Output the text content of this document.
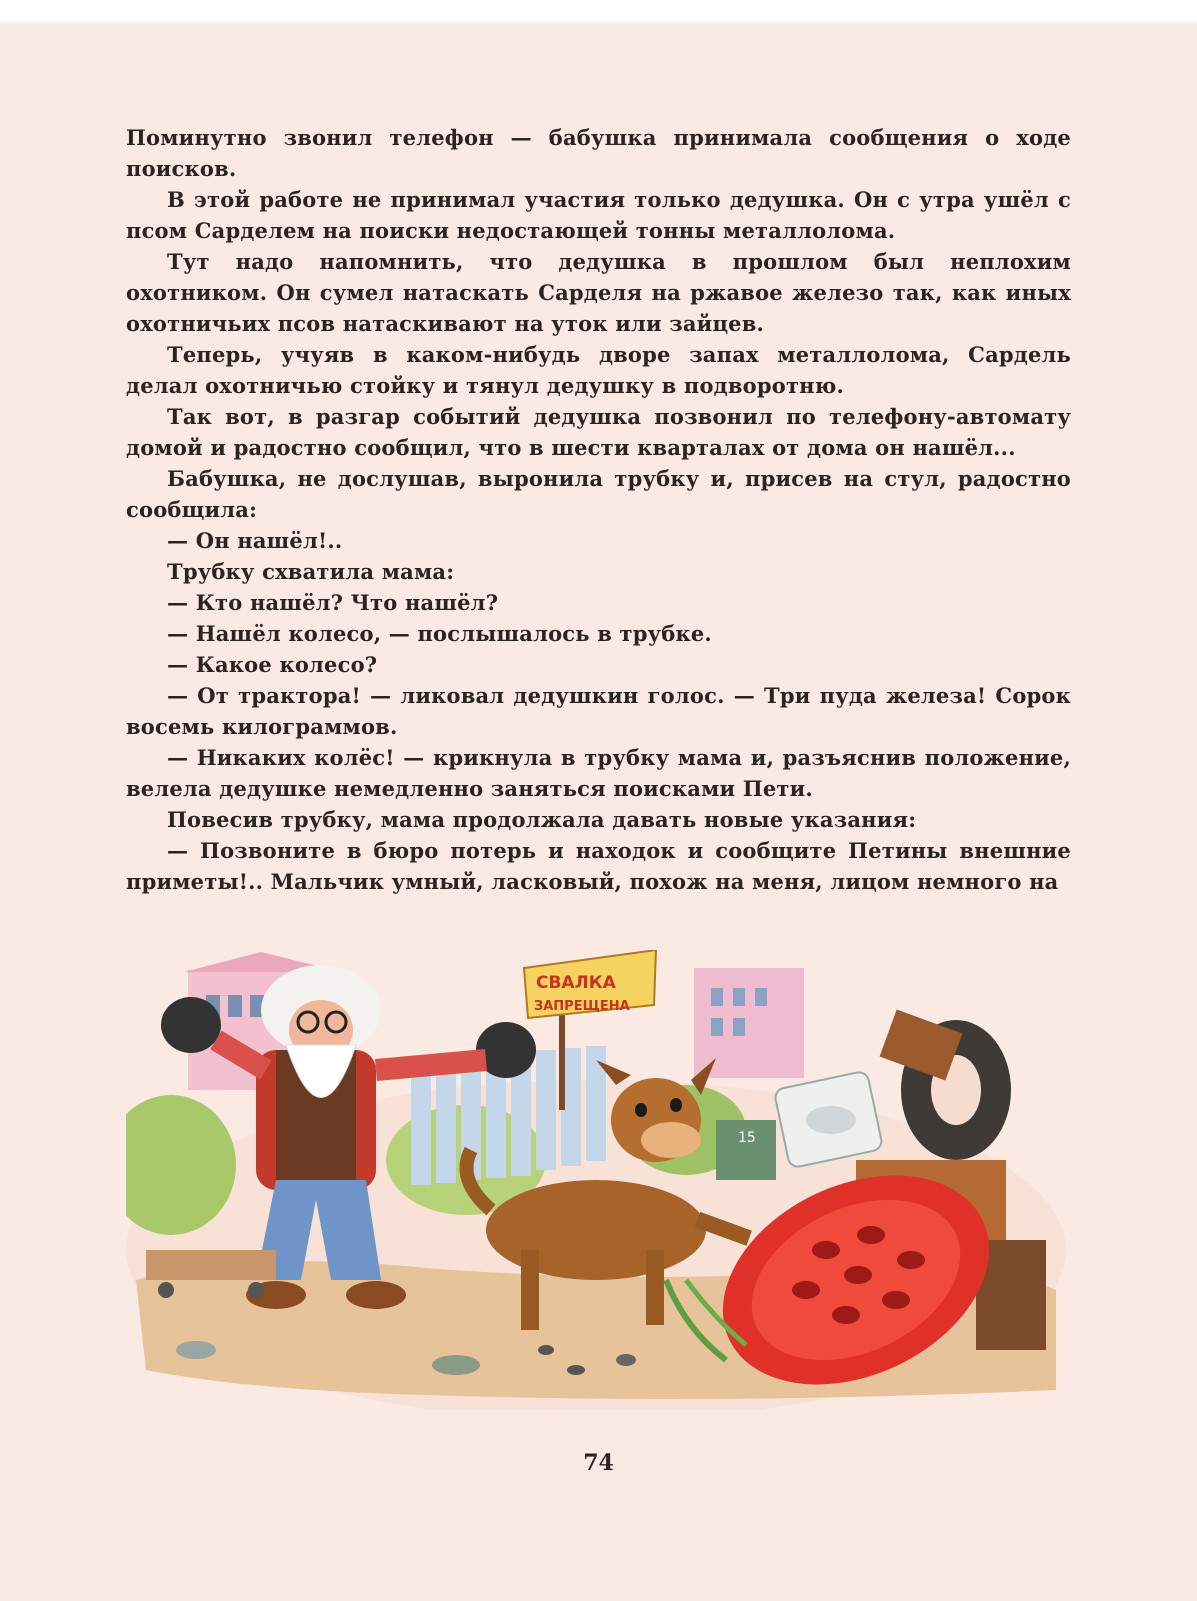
Поминутно звонил телефон — бабушка принимала сообщения о ходе поисков.

В этой работе не принимал участия только дедушка. Он с утра ушёл с псом Сарделем на поиски недостающей тонны металлолома.

Тут надо напомнить, что дедушка в прошлом был неплохим охотником. Он сумел натаскать Сарделя на ржавое железо так, как иных охотничьих псов натаскивают на уток или зайцев.

Теперь, учуяв в каком-нибудь дворе запах металлолома, Сардель делал охотничью стойку и тянул дедушку в подворотню.

Так вот, в разгар событий дедушка позвонил по телефону-автомату домой и радостно сообщил, что в шести кварталах от дома он нашёл...

Бабушка, не дослушав, выронила трубку и, присев на стул, радостно сообщила:

— Он нашёл!..

Трубку схватила мама:

— Кто нашёл? Что нашёл?

— Нашёл колесо, — послышалось в трубке.

— Какое колесо?

— От трактора! — ликовал дедушкин голос. — Три пуда железа! Сорок восемь килограммов.

— Никаких колёс! — крикнула в трубку мама и, разъяснив положение, велела дедушке немедленно заняться поисками Пети.

Повесив трубку, мама продолжала давать новые указания:

— Позвоните в бюро потерь и находок и сообщите Петины внешние приметы!.. Мальчик умный, ласковый, похож на меня, лицом немного на

СВАЛКА
ЗАПРЕЩЕНА
15
74
